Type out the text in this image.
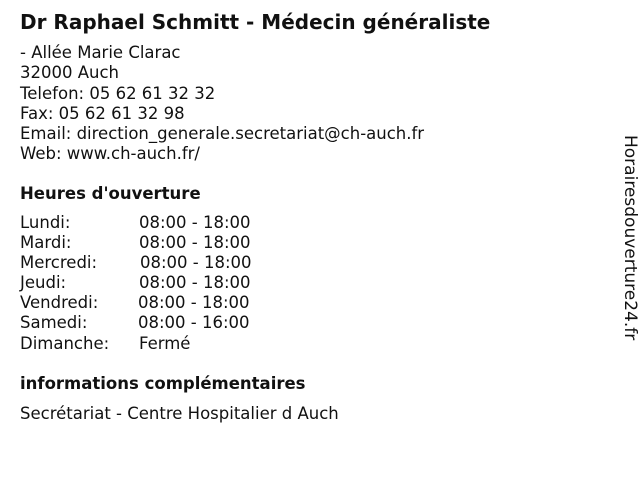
Dr Raphael Schmitt - Médecin généraliste
- Allée Marie Clarac
32000 Auch
Telefon: 05 62 61 32 32
Fax: 05 62 61 32 98
Email: direction_generale.secretariat@ch-auch.fr
Web: www.ch-auch.fr/
Heures d'ouverture
Lundi:	08:00 - 18:00
Mardi:	08:00 - 18:00
Mercredi:	08:00 - 18:00
Jeudi:	08:00 - 18:00
Vendredi: 08:00 - 18:00
Samedi:	08:00 - 16:00
Dimanche: Fermé
informations complémentaires
Secrétariat - Centre Hospitalier d Auch
Horairesdouverture24.fr
